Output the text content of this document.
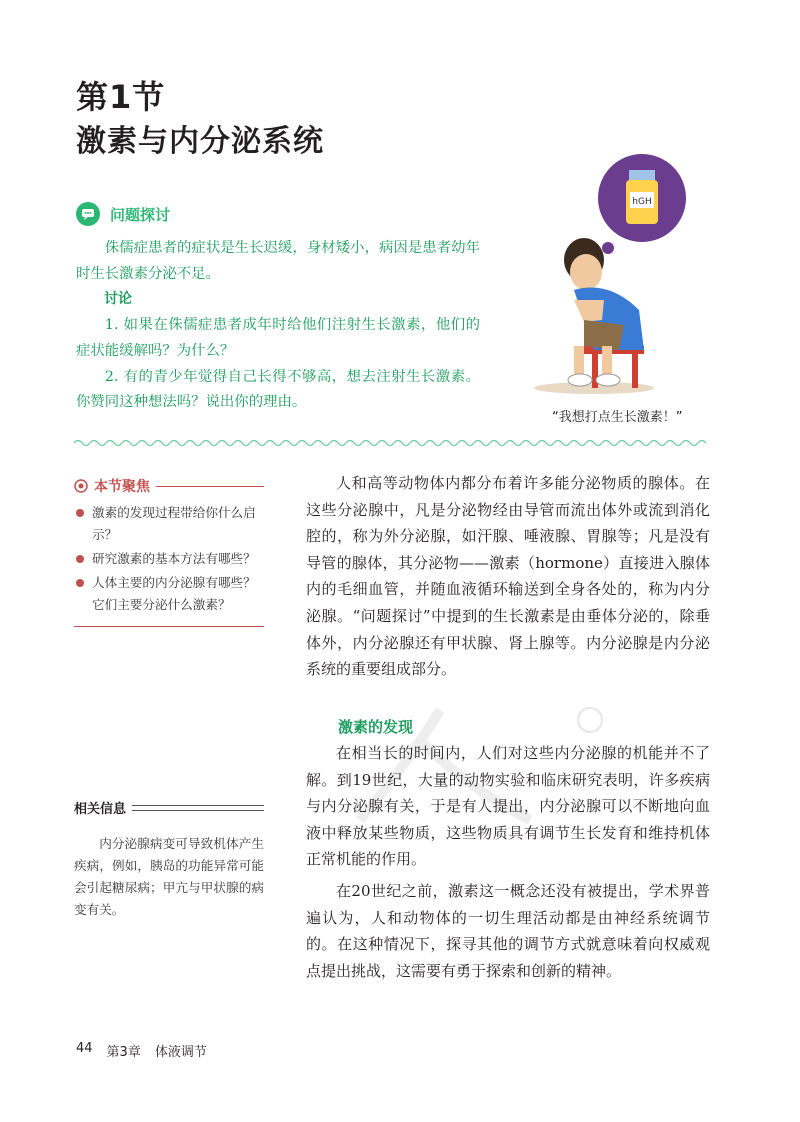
第1节
激素与内分泌系统
问题探讨

侏儒症患者的症状是生长迟缓，身材矮小，病因是患者幼年时生长激素分泌不足。

讨论

1. 如果在侏儒症患者成年时给他们注射生长激素，他们的症状能缓解吗？为什么？

2. 有的青少年觉得自己长得不够高，想去注射生长激素。你赞同这种想法吗？说出你的理由。

hGH
“我想打点生长激素！”
本节聚焦
激素的发现过程带给你什么启示？
研究激素的基本方法有哪些？
人体主要的内分泌腺有哪些？它们主要分泌什么激素？

人和高等动物体内都分布着许多能分泌物质的腺体。在这些分泌腺中，凡是分泌物经由导管而流出体外或流到消化腔的，称为外分泌腺，如汗腺、唾液腺、胃腺等；凡是没有导管的腺体，其分泌物——激素（hormone）直接进入腺体内的毛细血管，并随血液循环输送到全身各处的，称为内分泌腺。“问题探讨”中提到的生长激素是由垂体分泌的，除垂体外，内分泌腺还有甲状腺、肾上腺等。内分泌腺是内分泌系统的重要组成部分。

激素的发现

在相当长的时间内，人们对这些内分泌腺的机能并不了解。到19世纪，大量的动物实验和临床研究表明，许多疾病与内分泌腺有关，于是有人提出，内分泌腺可以不断地向血液中释放某些物质，这些物质具有调节生长发育和维持机体正常机能的作用。

在20世纪之前，激素这一概念还没有被提出，学术界普遍认为，人和动物体的一切生理活动都是由神经系统调节的。在这种情况下，探寻其他的调节方式就意味着向权威观点提出挑战，这需要有勇于探索和创新的精神。

相关信息

内分泌腺病变可导致机体产生疾病，例如，胰岛的功能异常可能会引起糖尿病；甲亢与甲状腺的病变有关。

44 第3章 体液调节
